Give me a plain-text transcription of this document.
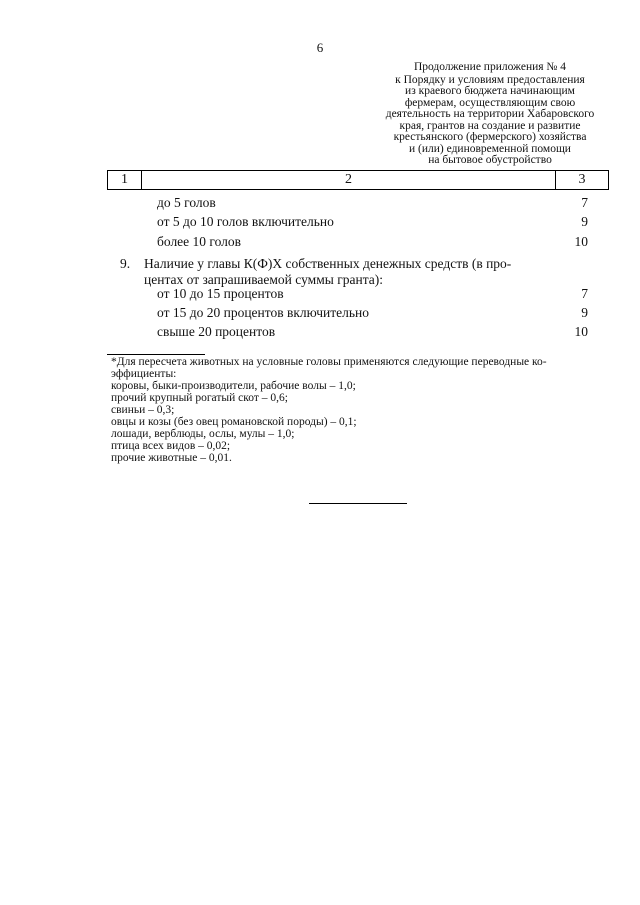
6
Продолжение приложения № 4
к Порядку и условиям предоставления
из краевого бюджета начинающим
фермерам, осуществляющим свою
деятельность на территории Хабаровского
края, грантов на создание и развитие
крестьянского (фермерского) хозяйства
и (или) единовременной помощи
на бытовое обустройство
1	2	3
до 5 голов	7
от 5 до 10 голов включительно	9
более 10 голов	10
9. Наличие у главы К(Ф)Х собственных денежных средств (в про-
центах от запрашиваемой суммы гранта):
от 10 до 15 процентов	7
от 15 до 20 процентов включительно	9
свыше 20 процентов	10
*Для пересчета животных на условные головы применяются следующие переводные ко-
эффициенты:
коровы, быки-производители, рабочие волы – 1,0;
прочий крупный рогатый скот – 0,6;
свиньи – 0,3;
овцы и козы (без овец романовской породы) – 0,1;
лошади, верблюды, ослы, мулы – 1,0;
птица всех видов – 0,02;
прочие животные – 0,01.
